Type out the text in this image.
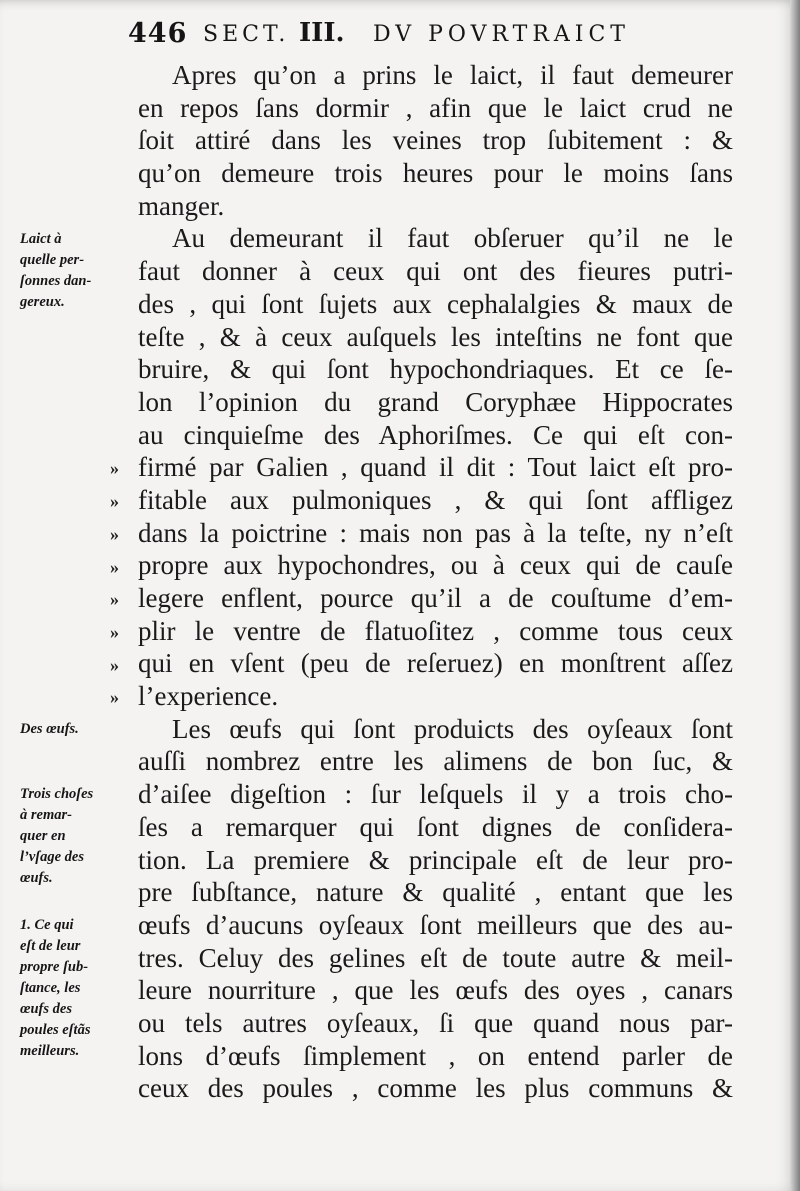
446 SECT. III. DV POVRTRAICT
Apres qu’on a prins le laict, il faut demeurer
en repos ſans dormir , afin que le laict crud ne
ſoit attiré dans les veines trop ſubitement : &
qu’on demeure trois heures pour le moins ſans
manger.
Au demeurant il faut obſeruer qu’il ne le
faut donner à ceux qui ont des fieures putri-
des , qui ſont ſujets aux cephalalgies & maux de
teſte , & à ceux auſquels les inteſtins ne font que
bruire, & qui ſont hypochondriaques. Et ce ſe-
lon l’opinion du grand Coryphæe Hippocrates
au cinquieſme des Aphoriſmes. Ce qui eſt con-
firmé par Galien , quand il dit : Tout laict eſt pro-
fitable aux pulmoniques , & qui ſont affligez
dans la poictrine : mais non pas à la teſte, ny n’eſt
propre aux hypochondres, ou à ceux qui de cauſe
legere enflent, pource qu’il a de couſtume d’em-
plir le ventre de flatuoſitez , comme tous ceux
qui en vſent (peu de reſeruez) en monſtrent aſſez
l’experience.
Les œufs qui ſont produicts des oyſeaux ſont
auſſi nombrez entre les alimens de bon ſuc, &
d’aiſee digeſtion : ſur leſquels il y a trois cho-
ſes a remarquer qui ſont dignes de conſidera-
tion. La premiere & principale eſt de leur pro-
pre ſubſtance, nature & qualité , entant que les
œufs d’aucuns oyſeaux ſont meilleurs que des au-
tres. Celuy des gelines eſt de toute autre & meil-
leure nourriture , que les œufs des oyes , canars
ou tels autres oyſeaux, ſi que quand nous par-
lons d’œufs ſimplement , on entend parler de
ceux des poules , comme les plus communs &
»
»
»
»
»
»
»
»
Laict à
quelle per-
ſonnes dan-
gereux.
Des œufs.
Trois choſes
à remar-
quer en
l’vſage des
œufs.
1. Ce qui
eſt de leur
propre ſub-
ſtance, les
œufs des
poules eſtãs
meilleurs.
